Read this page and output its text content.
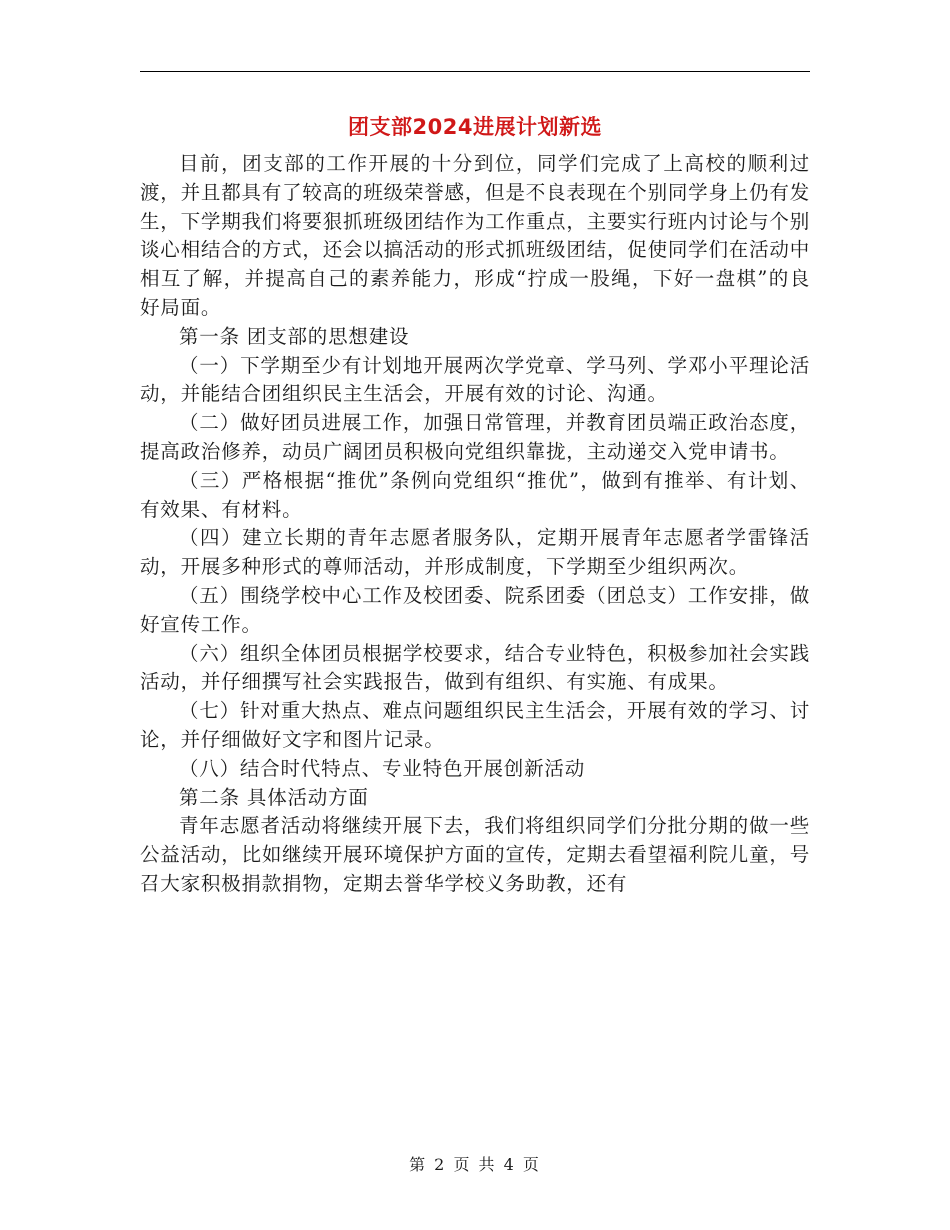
团支部2024进展计划新选

目前，团支部的工作开展的十分到位，同学们完成了上高校的顺利过渡，并且都具有了较高的班级荣誉感，但是不良表现在个别同学身上仍有发生，下学期我们将要狠抓班级团结作为工作重点，主要实行班内讨论与个别谈心相结合的方式，还会以搞活动的形式抓班级团结，促使同学们在活动中相互了解，并提高自己的素养能力，形成“拧成一股绳，下好一盘棋”的良好局面。

第一条 团支部的思想建设

（一）下学期至少有计划地开展两次学党章、学马列、学邓小平理论活动，并能结合团组织民主生活会，开展有效的讨论、沟通。

（二）做好团员进展工作，加强日常管理，并教育团员端正政治态度，提高政治修养，动员广阔团员积极向党组织靠拢，主动递交入党申请书。

（三）严格根据“推优”条例向党组织“推优”，做到有推举、有计划、有效果、有材料。

（四）建立长期的青年志愿者服务队，定期开展青年志愿者学雷锋活动，开展多种形式的尊师活动，并形成制度，下学期至少组织两次。

（五）围绕学校中心工作及校团委、院系团委（团总支）工作安排，做好宣传工作。

（六）组织全体团员根据学校要求，结合专业特色，积极参加社会实践活动，并仔细撰写社会实践报告，做到有组织、有实施、有成果。

（七）针对重大热点、难点问题组织民主生活会，开展有效的学习、讨论，并仔细做好文字和图片记录。

（八）结合时代特点、专业特色开展创新活动

第二条 具体活动方面

青年志愿者活动将继续开展下去，我们将组织同学们分批分期的做一些公益活动，比如继续开展环境保护方面的宣传，定期去看望福利院儿童，号召大家积极捐款捐物，定期去誉华学校义务助教，还有

第 2 页 共 4 页
